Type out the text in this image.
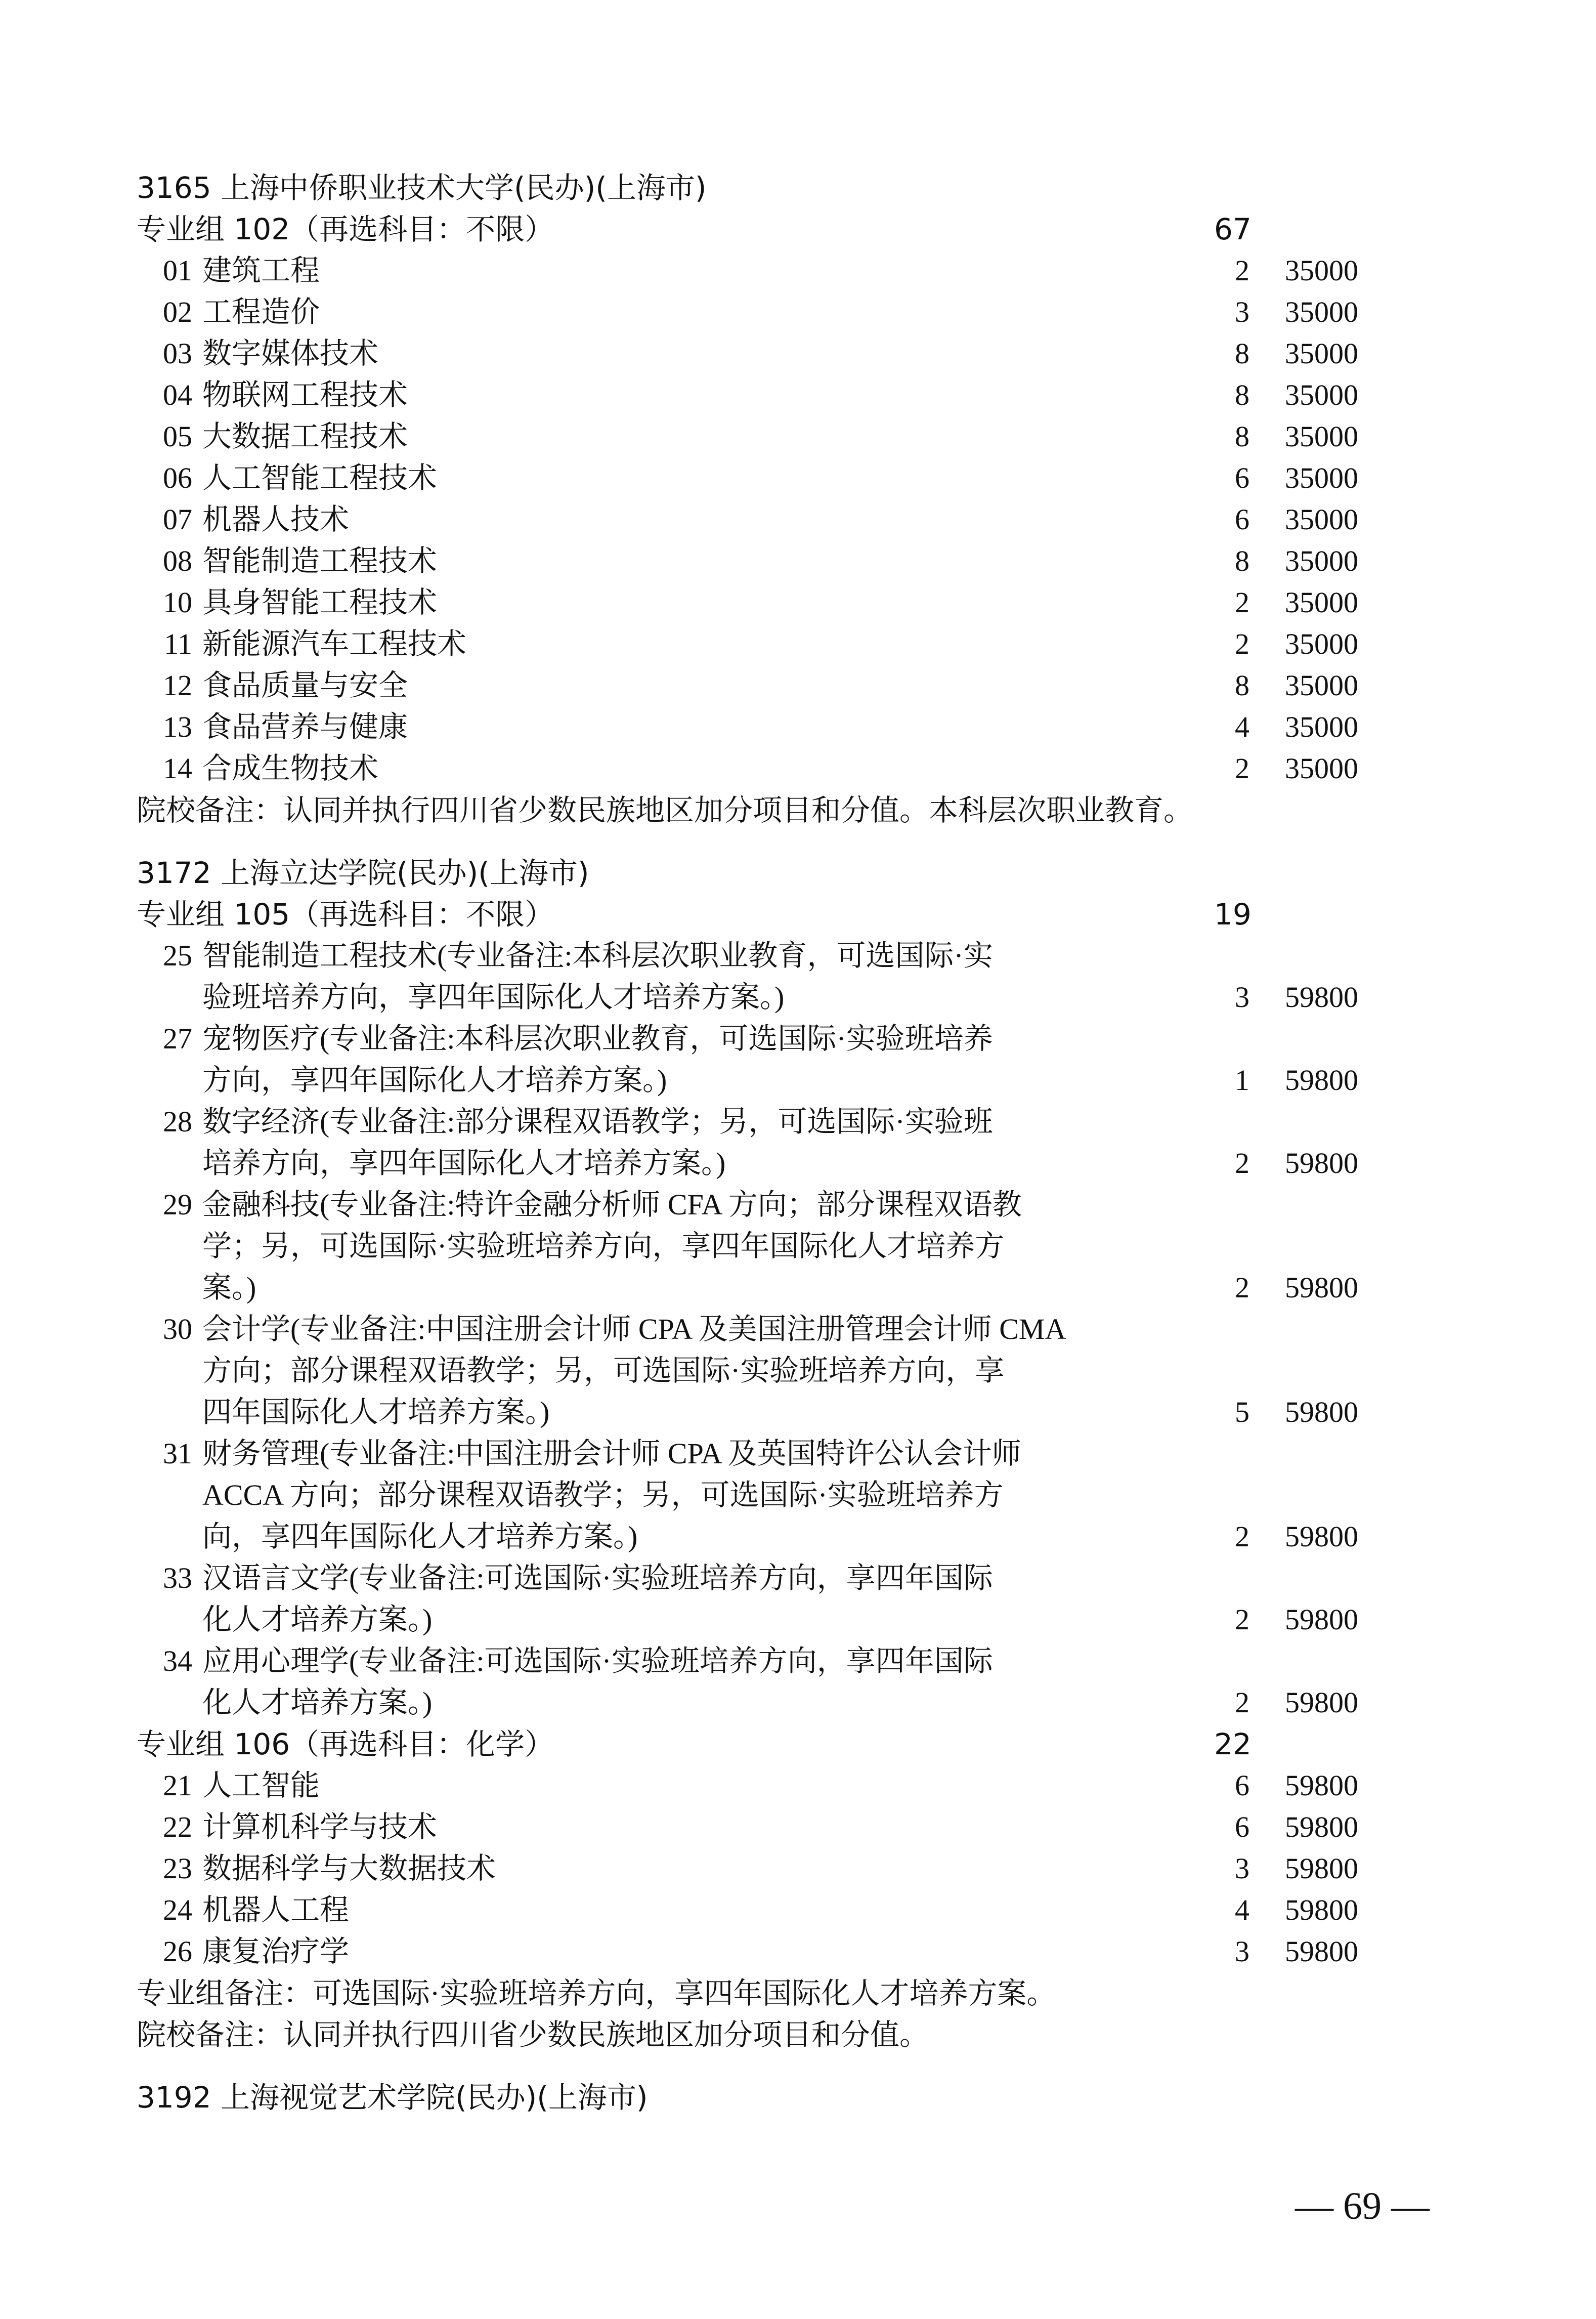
3165 上海中侨职业技术大学(民办)(上海市)
专业组 102（再选科目：不限）	67
01 建筑工程	2 35000
02 工程造价	3 35000
03 数字媒体技术	8 35000
04 物联网工程技术	8 35000
05 大数据工程技术	8 35000
06 人工智能工程技术	6 35000
07 机器人技术	6 35000
08 智能制造工程技术	8 35000
10 具身智能工程技术	2 35000
11 新能源汽车工程技术	2 35000
12 食品质量与安全	8 35000
13 食品营养与健康	4 35000
14 合成生物技术	2 35000
院校备注：认同并执行四川省少数民族地区加分项目和分值。本科层次职业教育。
3172 上海立达学院(民办)(上海市)
专业组 105（再选科目：不限）	19
25 智能制造工程技术(专业备注:本科层次职业教育，可选国际·实
验班培养方向，享四年国际化人才培养方案。)	3 59800
27 宠物医疗(专业备注:本科层次职业教育，可选国际·实验班培养
方向，享四年国际化人才培养方案。)	1 59800
28 数字经济(专业备注:部分课程双语教学；另，可选国际·实验班
培养方向，享四年国际化人才培养方案。)	2 59800
29 金融科技(专业备注:特许金融分析师 CFA 方向；部分课程双语教
学；另，可选国际·实验班培养方向，享四年国际化人才培养方
案。)	2 59800
30 会计学(专业备注:中国注册会计师 CPA 及美国注册管理会计师 CMA
方向；部分课程双语教学；另，可选国际·实验班培养方向，享
四年国际化人才培养方案。)	5 59800
31 财务管理(专业备注:中国注册会计师 CPA 及英国特许公认会计师
ACCA 方向；部分课程双语教学；另，可选国际·实验班培养方
向，享四年国际化人才培养方案。)	2 59800
33 汉语言文学(专业备注:可选国际·实验班培养方向，享四年国际
化人才培养方案。)	2 59800
34 应用心理学(专业备注:可选国际·实验班培养方向，享四年国际
化人才培养方案。)	2 59800
专业组 106（再选科目：化学）	22
21 人工智能	6 59800
22 计算机科学与技术	6 59800
23 数据科学与大数据技术	3 59800
24 机器人工程	4 59800
26 康复治疗学	3 59800
专业组备注：可选国际·实验班培养方向，享四年国际化人才培养方案。
院校备注：认同并执行四川省少数民族地区加分项目和分值。
3192 上海视觉艺术学院(民办)(上海市)
— 69 —
